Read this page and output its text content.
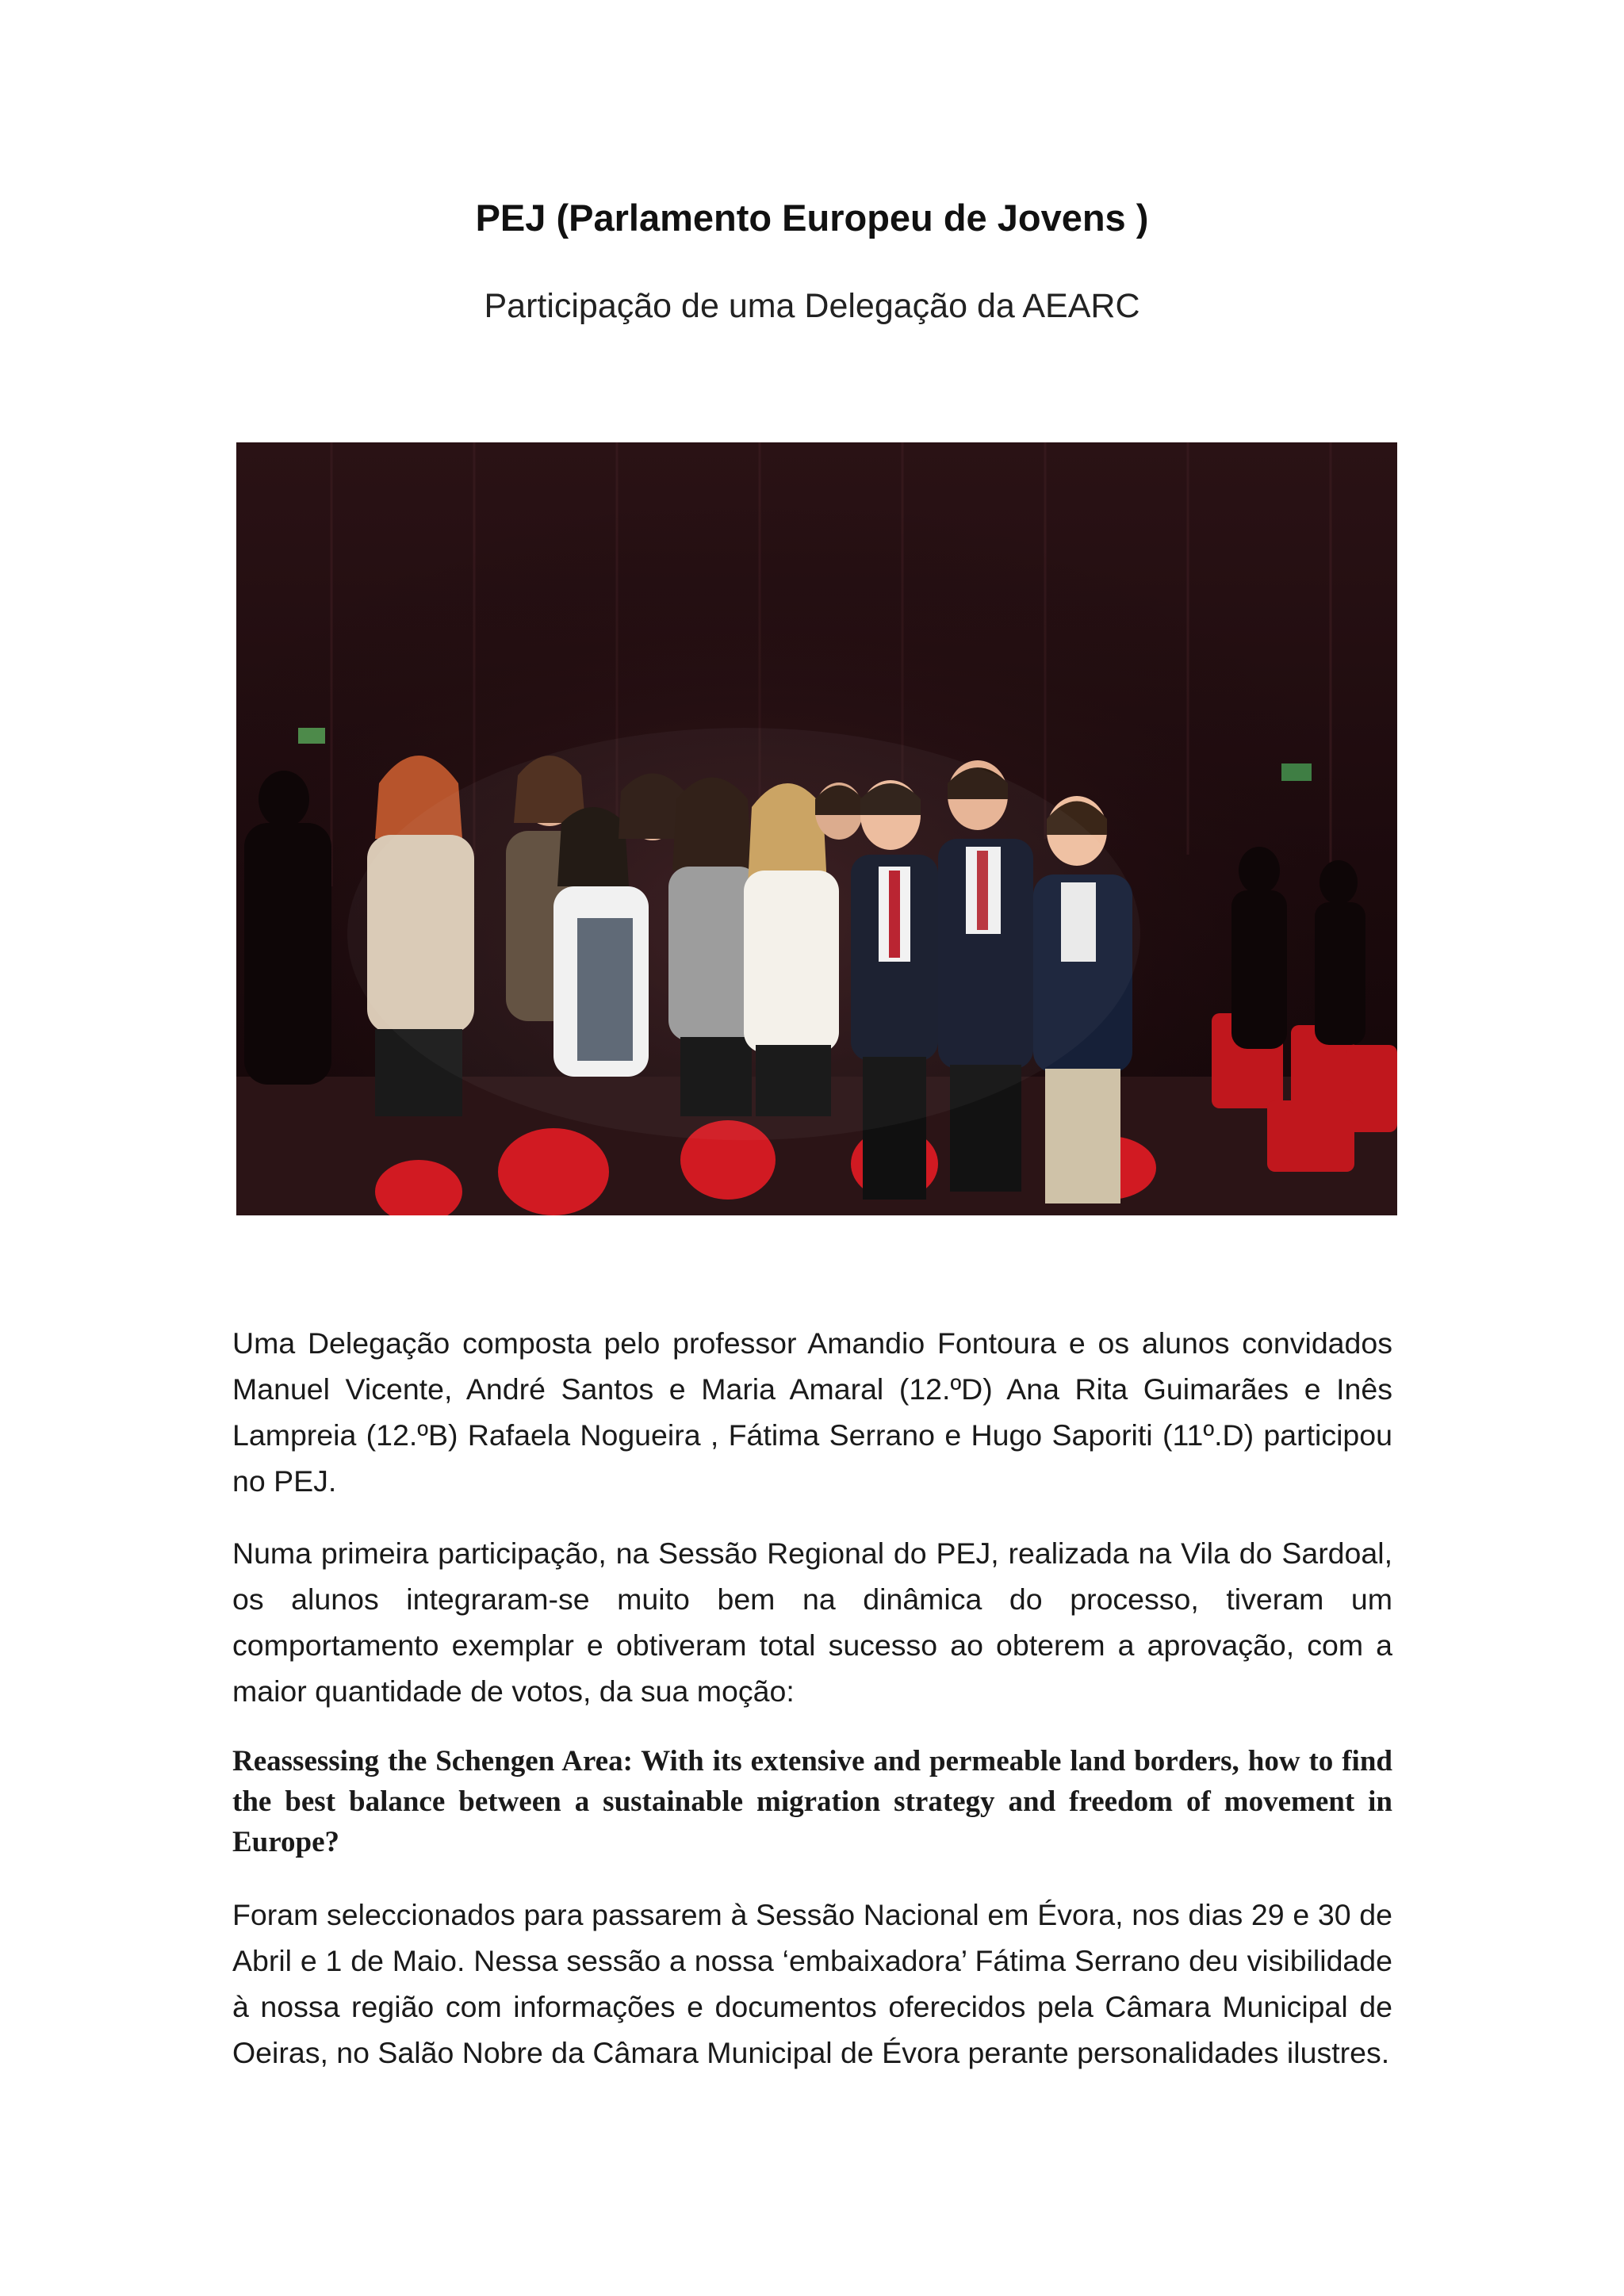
PEJ (Parlamento Europeu de Jovens )
Participação de uma Delegação da AEARC
Uma Delegação composta pelo professor Amandio Fontoura e os alunos convidados Manuel Vicente, André Santos e Maria Amaral (12.ºD) Ana Rita Guimarães e Inês Lampreia (12.ºB) Rafaela Nogueira , Fátima Serrano e Hugo Saporiti (11º.D) participou no PEJ.
Numa primeira participação, na Sessão Regional do PEJ, realizada na Vila do Sardoal, os alunos integraram-se muito bem na dinâmica do processo, tiveram um comportamento exemplar e obtiveram total sucesso ao obterem a aprovação, com a maior quantidade de votos, da sua moção:
Reassessing the Schengen Area: With its extensive and permeable land borders, how to find the best balance between a sustainable migration strategy and freedom of movement in Europe?
Foram seleccionados para passarem à Sessão Nacional em Évora, nos dias 29 e 30 de Abril e 1 de Maio. Nessa sessão a nossa ‘embaixadora’ Fátima Serrano deu visibilidade à nossa região com informações e documentos oferecidos pela Câmara Municipal de Oeiras, no Salão Nobre da Câmara Municipal de Évora perante personalidades ilustres.
